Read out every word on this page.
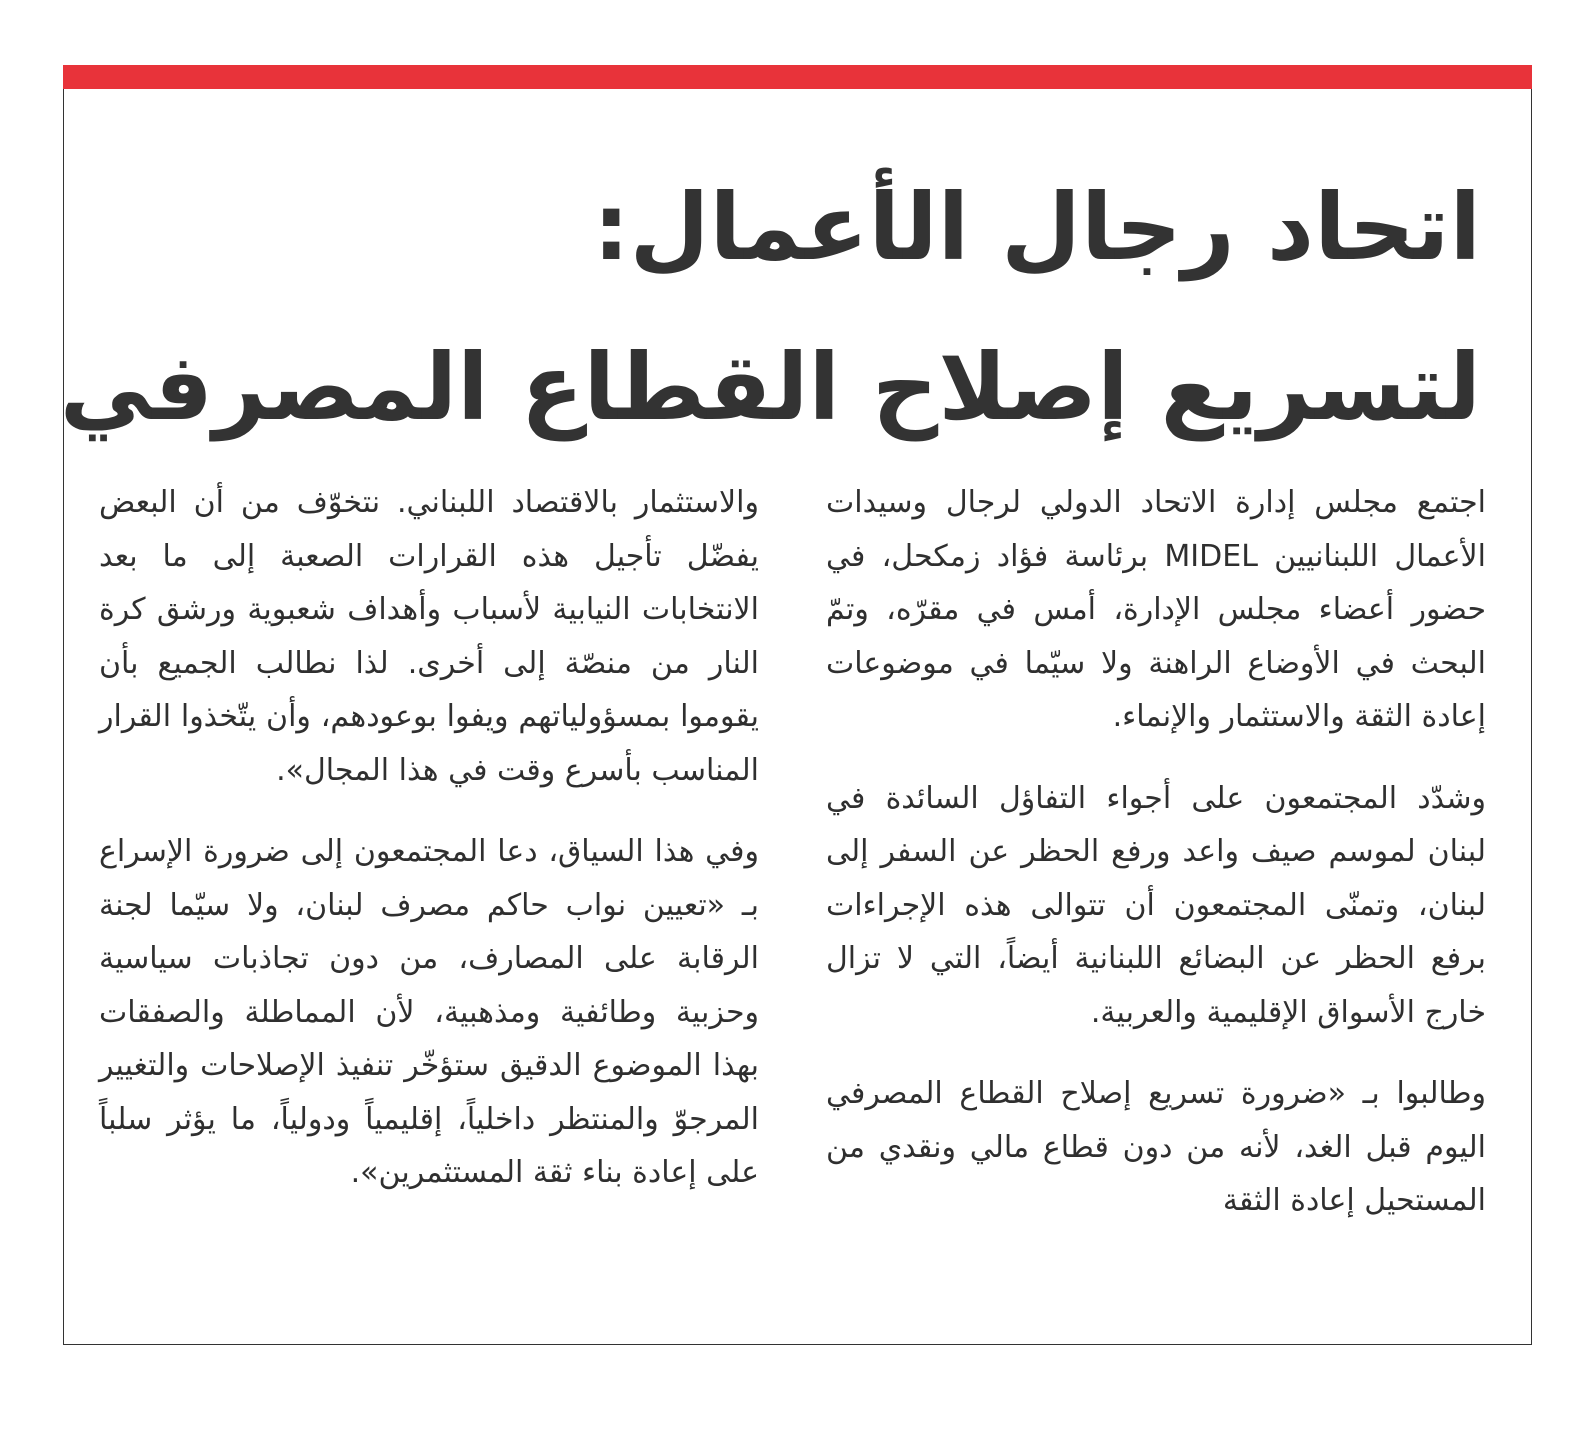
اتحاد رجال الأعمال:
لتسريع إصلاح القطاع المصرفي

اجتمع مجلس إدارة الاتحاد الدولي لرجال وسيدات الأعمال اللبنانيين MIDEL برئاسة فؤاد زمكحل، في حضور أعضاء مجلس الإدارة، أمس في مقرّه، وتمّ البحث في الأوضاع الراهنة ولا سيّما في موضوعات إعادة الثقة والاستثمار والإنماء.

وشدّد المجتمعون على أجواء التفاؤل السائدة في لبنان لموسم صيف واعد ورفع الحظر عن السفر إلى لبنان، وتمنّى المجتمعون أن تتوالى هذه الإجراءات برفع الحظر عن البضائع اللبنانية أيضاً، التي لا تزال خارج الأسواق الإقليمية والعربية.

وطالبوا بـ «ضرورة تسريع إصلاح القطاع المصرفي اليوم قبل الغد، لأنه من دون قطاع مالي ونقدي من المستحيل إعادة الثقة

والاستثمار بالاقتصاد اللبناني. نتخوّف من أن البعض يفضّل تأجيل هذه القرارات الصعبة إلى ما بعد الانتخابات النيابية لأسباب وأهداف شعبوية ورشق كرة النار من منصّة إلى أخرى. لذا نطالب الجميع بأن يقوموا بمسؤولياتهم ويفوا بوعودهم، وأن يتّخذوا القرار المناسب بأسرع وقت في هذا المجال».

وفي هذا السياق، دعا المجتمعون إلى ضرورة الإسراع بـ «تعيين نواب حاكم مصرف لبنان، ولا سيّما لجنة الرقابة على المصارف، من دون تجاذبات سياسية وحزبية وطائفية ومذهبية، لأن المماطلة والصفقات بهذا الموضوع الدقيق ستؤخّر تنفيذ الإصلاحات والتغيير المرجوّ والمنتظر داخلياً، إقليمياً ودولياً، ما يؤثر سلباً على إعادة بناء ثقة المستثمرين».
